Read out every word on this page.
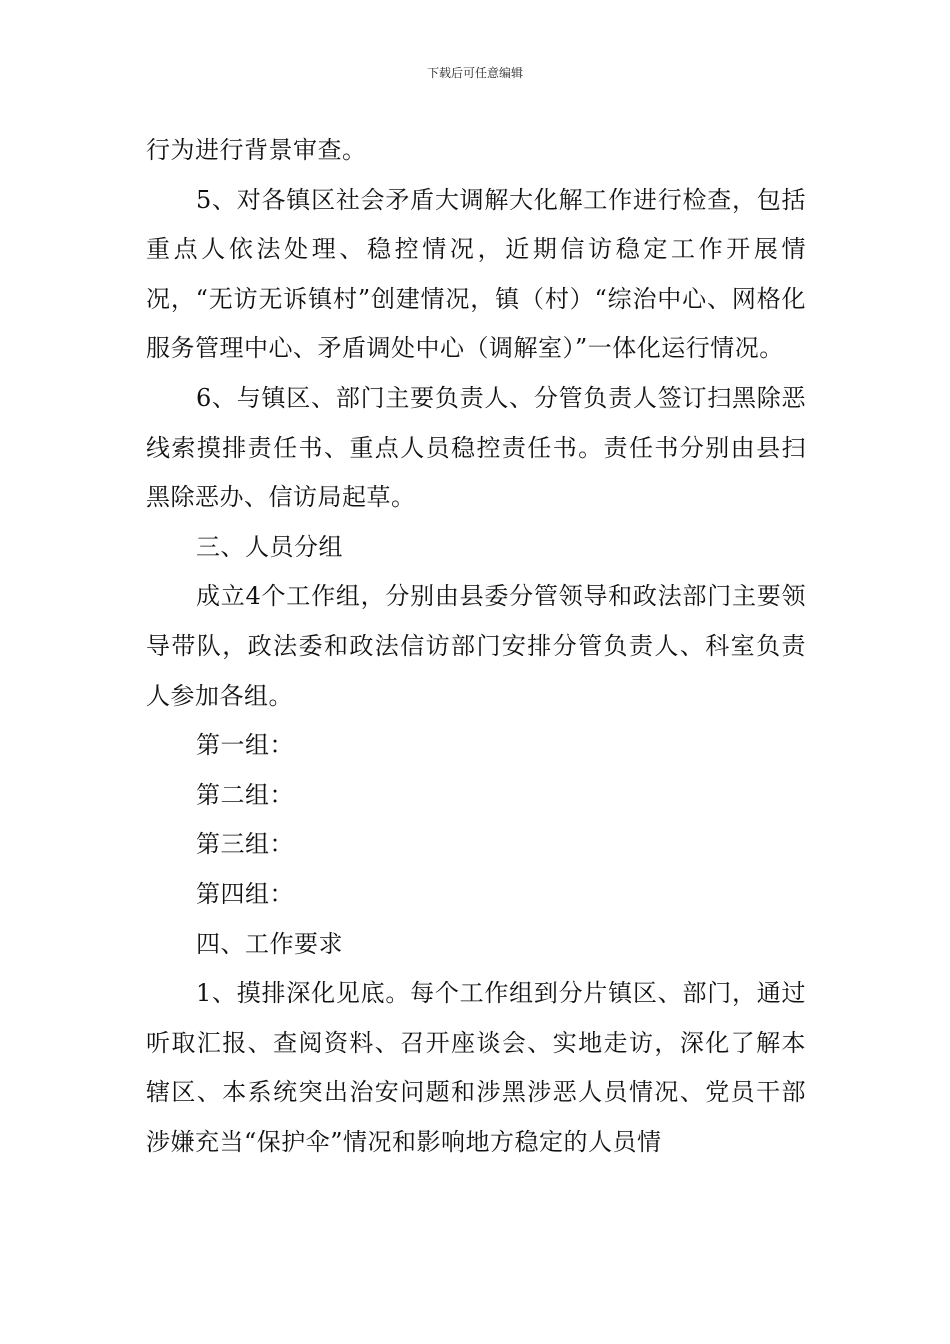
下载后可任意编辑

行为进行背景审查。

5、对各镇区社会矛盾大调解大化解工作进行检查，包括重点人依法处理、稳控情况，近期信访稳定工作开展情况，“无访无诉镇村”创建情况，镇（村）“综治中心、网格化服务管理中心、矛盾调处中心（调解室）”一体化运行情况。

6、与镇区、部门主要负责人、分管负责人签订扫黑除恶线索摸排责任书、重点人员稳控责任书。责任书分别由县扫黑除恶办、信访局起草。

三、人员分组

成立4个工作组，分别由县委分管领导和政法部门主要领导带队，政法委和政法信访部门安排分管负责人、科室负责人参加各组。

第一组：

第二组：

第三组：

第四组：

四、工作要求

1、摸排深化见底。每个工作组到分片镇区、部门，通过听取汇报、查阅资料、召开座谈会、实地走访，深化了解本辖区、本系统突出治安问题和涉黑涉恶人员情况、党员干部涉嫌充当“保护伞”情况和影响地方稳定的人员情
